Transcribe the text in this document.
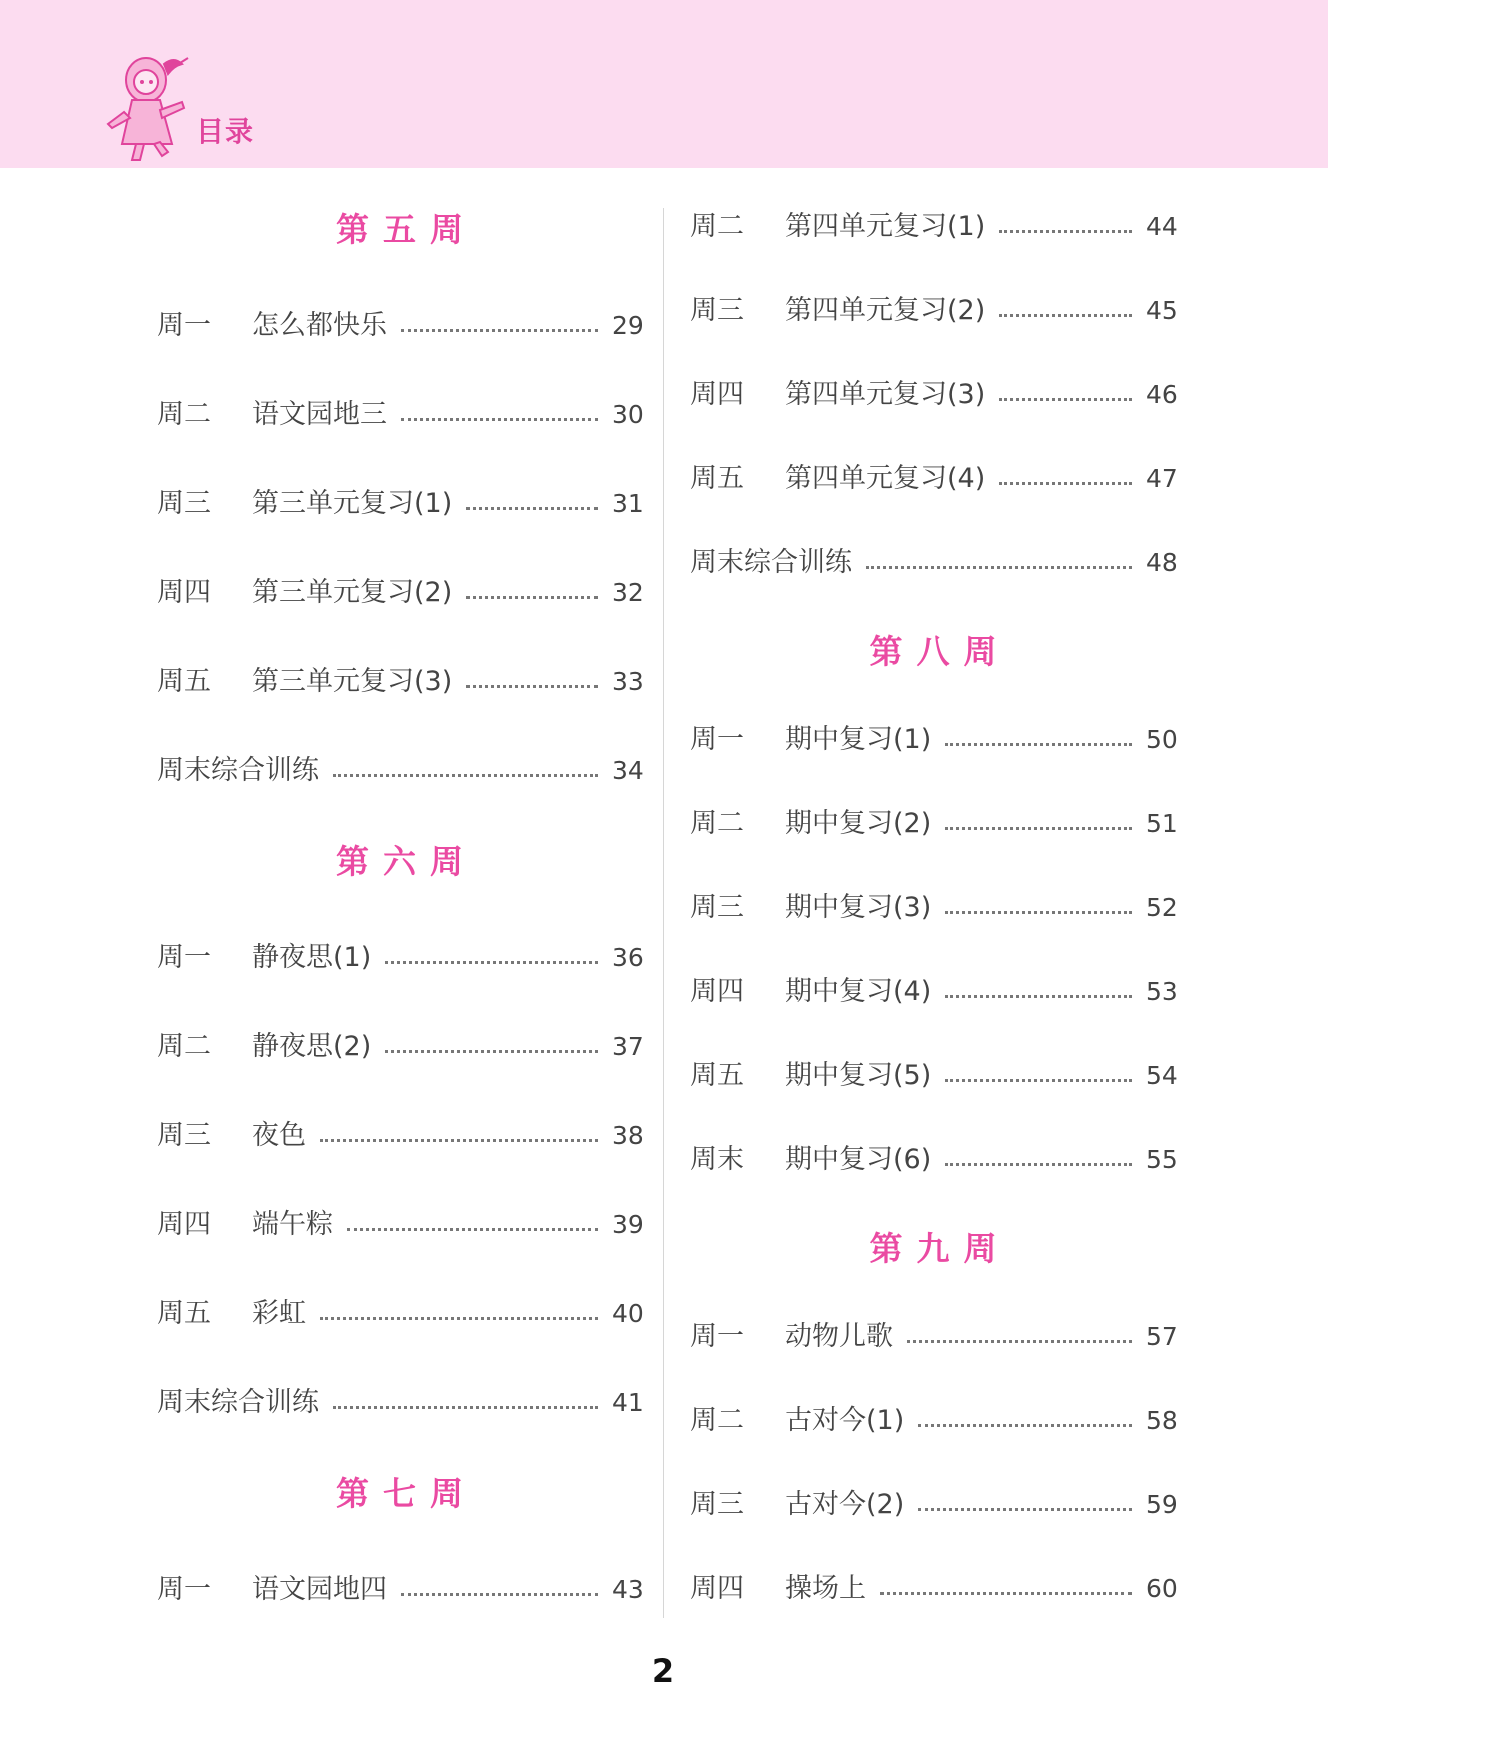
目录
第五周
周一	怎么都快乐	29
周二	语文园地三	30
周三	第三单元复习(1)	31
周四	第三单元复习(2)	32
周五	第三单元复习(3)	33
周末综合训练	34
第六周
周一	静夜思(1)	36
周二	静夜思(2)	37
周三	夜色	38
周四	端午粽	39
周五	彩虹	40
周末综合训练	41
第七周
周一	语文园地四	43
周二	第四单元复习(1)	44
周三	第四单元复习(2)	45
周四	第四单元复习(3)	46
周五	第四单元复习(4)	47
周末综合训练	48
第八周
周一	期中复习(1)	50
周二	期中复习(2)	51
周三	期中复习(3)	52
周四	期中复习(4)	53
周五	期中复习(5)	54
周末	期中复习(6)	55
第九周
周一	动物儿歌	57
周二	古对今(1)	58
周三	古对今(2)	59
周四	操场上	60
2
